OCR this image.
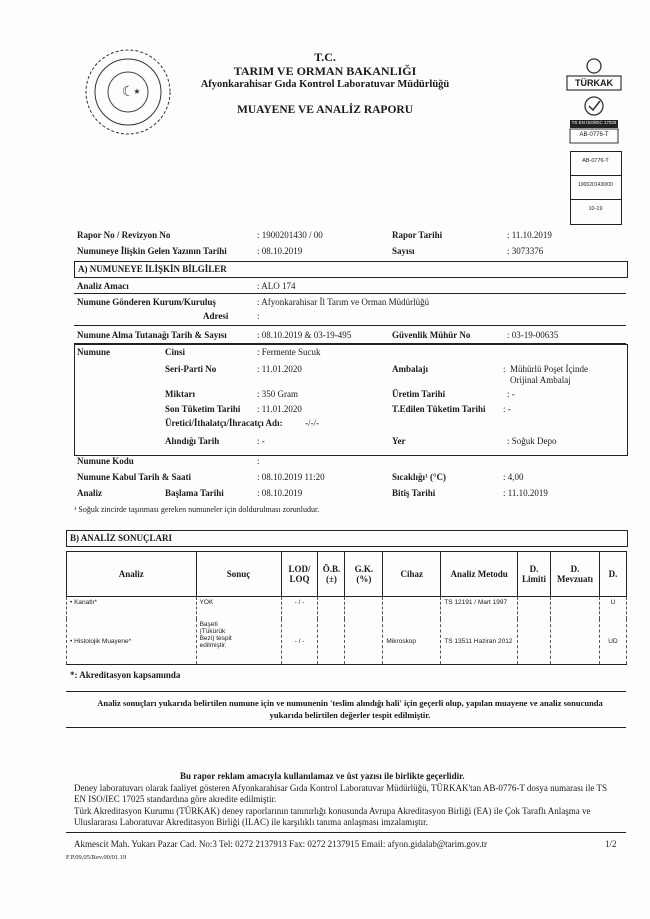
☾ ★
T.C.
TARIM VE ORMAN BAKANLIĞI
Afyonkarahisar Gıda Kontrol Laboratuvar Müdürlüğü
MUAYENE VE ANALİZ RAPORU
TÜRKAK
TS EN ISO/IEC 17025
AB-0776-T
AB-0776-T
1900201430/00
10-19
Rapor No / Revizyon No	: 1900201430 / 00	Rapor Tarihi	: 11.10.2019
Numuneye İlişkin Gelen Yazının Tarihi	: 08.10.2019	Sayısı	: 3073376
A) NUMUNEYE İLİŞKİN BİLGİLER
Analiz Amacı	: ALO 174
Numune Gönderen Kurum/Kuruluş	: Afyonkarahisar İl Tarım ve Orman Müdürlüğü
Adresi	:
Numune Alma Tutanağı Tarih & Sayısı	: 08.10.2019 & 03-19-495	Güvenlik Mühür No	: 03-19-00635
Numune	Cinsi	: Fermente Sucuk
Seri-Parti No	: 11.01.2020	Ambalajı	: Mühürlü Poşet İçinde
Orijinal Ambalaj
Miktarı	: 350 Gram	Üretim Tarihi	: -
Son Tüketim Tarihi : 11.01.2020	T.Edilen Tüketim Tarihi : -
Üretici/İthalatçı/İhracatçı Adı: -/-/-
Alındığı Tarih	: -	Yer	: Soğuk Depo
Numune Kodu	:
Numune Kabul Tarih & Saati	: 08.10.2019 11:20	Sıcaklığı¹ (°C)	: 4,00
Analiz	Başlama Tarihi	: 08.10.2019	Bitiş Tarihi	: 11.10.2019
¹ Soğuk zincirde taşınması gereken numuneler için doldurulması zorunludur.
B) ANALİZ SONUÇLARI
Analiz	Sonuç	LOD/ LOQ	Ö.B. (±)	G.K. (%)	Cihaz	Analiz Metodu	D. Limiti	D. Mevzuatı	D.
• Kanatlı*	YOK	- / -				TS 12191 / Mart 1997			U
• Histolojik Muayene*	Başeti (Tükürük Bezi) tespit edilmiştir.	- / -			Mikroskop	TS 13511 Haziran 2012			UD
*: Akreditasyon kapsamında
Analiz sonuçları yukarıda belirtilen numune için ve numunenin 'teslim alındığı hali' için geçerli olup, yapılan muayene ve analiz sonucunda yukarıda belirtilen değerler tespit edilmiştir.
Bu rapor reklam amacıyla kullanılamaz ve üst yazısı ile birlikte geçerlidir.
Deney laboratuvarı olarak faaliyet gösteren Afyonkarahisar Gıda Kontrol Laboratuvar Müdürlüğü, TÜRKAK'tan AB-0776-T dosya numarası ile TS EN ISO/IEC 17025 standardına göre akredite edilmiştir.
Türk Akreditasyon Kurumu (TÜRKAK) deney raporlarının tanınırlığı konusunda Avrupa Akreditasyon Birliği (EA) ile Çok Taraflı Anlaşma ve Uluslararası Laboratuvar Akreditasyon Birliği (ILAC) ile karşılıklı tanıma anlaşması imzalamıştır.
Akmescit Mah. Yukarı Pazar Cad. No:3 Tel: 0272 2137913 Fax: 0272 2137915 Email: afyon.gidalab@tarim.gov.tr	1/2
F.P.09.05/Rev.00/01.19
